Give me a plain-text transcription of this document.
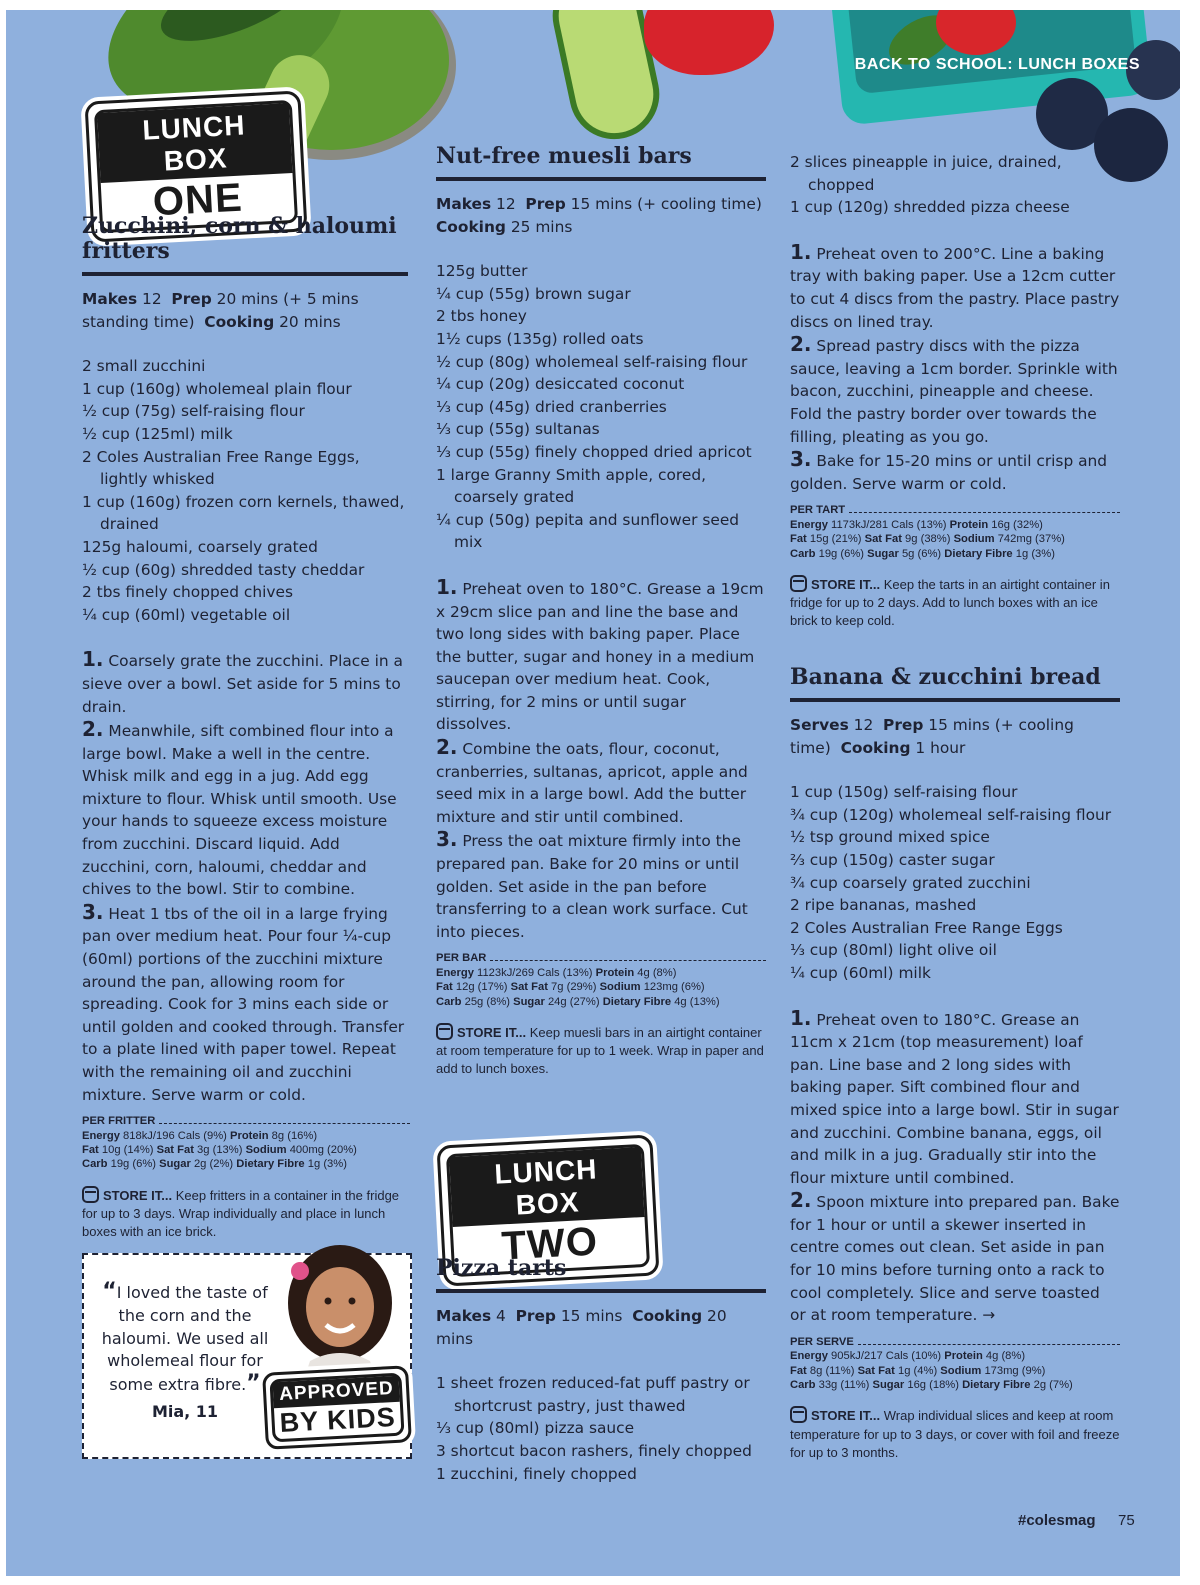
BACK TO SCHOOL: LUNCH BOXES
LUNCH BOX
ONE
Zucchini, corn & haloumi fritters
Makes 12 Prep 20 mins (+ 5 mins standing time) Cooking 20 mins
2 small zucchini
1 cup (160g) wholemeal plain flour
½ cup (75g) self-raising flour
½ cup (125ml) milk
2 Coles Australian Free Range Eggs, lightly whisked
1 cup (160g) frozen corn kernels, thawed, drained
125g haloumi, coarsely grated
½ cup (60g) shredded tasty cheddar
2 tbs finely chopped chives
¼ cup (60ml) vegetable oil

1. Coarsely grate the zucchini. Place in a sieve over a bowl. Set aside for 5 mins to drain.

2. Meanwhile, sift combined flour into a large bowl. Make a well in the centre. Whisk milk and egg in a jug. Add egg mixture to flour. Whisk until smooth. Use your hands to squeeze excess moisture from zucchini. Discard liquid. Add zucchini, corn, haloumi, cheddar and chives to the bowl. Stir to combine.

3. Heat 1 tbs of the oil in a large frying pan over medium heat. Pour four ¼-cup (60ml) portions of the zucchini mixture around the pan, allowing room for spreading. Cook for 3 mins each side or until golden and cooked through. Transfer to a plate lined with paper towel. Repeat with the remaining oil and zucchini mixture. Serve warm or cold.

PER FRITTER
Energy 818kJ/196 Cals (9%) Protein 8g (16%)
Fat 10g (14%) Sat Fat 3g (13%) Sodium 400mg (20%)
Carb 19g (6%) Sugar 2g (2%) Dietary Fibre 1g (3%)
STORE IT... Keep fritters in a container in the fridge for up to 3 days. Wrap individually and place in lunch boxes with an ice brick.
“I loved the taste of the corn and the haloumi. We used all wholemeal flour for some extra fibre.”
Mia, 11
APPROVED
BY KIDS
Nut-free muesli bars
Makes 12 Prep 15 mins (+ cooling time) Cooking 25 mins
125g butter
¼ cup (55g) brown sugar
2 tbs honey
1½ cups (135g) rolled oats
½ cup (80g) wholemeal self-raising flour
¼ cup (20g) desiccated coconut
⅓ cup (45g) dried cranberries
⅓ cup (55g) sultanas
⅓ cup (55g) finely chopped dried apricot
1 large Granny Smith apple, cored, coarsely grated
¼ cup (50g) pepita and sunflower seed mix

1. Preheat oven to 180°C. Grease a 19cm x 29cm slice pan and line the base and two long sides with baking paper. Place the butter, sugar and honey in a medium saucepan over medium heat. Cook, stirring, for 2 mins or until sugar dissolves.

2. Combine the oats, flour, coconut, cranberries, sultanas, apricot, apple and seed mix in a large bowl. Add the butter mixture and stir until combined.

3. Press the oat mixture firmly into the prepared pan. Bake for 20 mins or until golden. Set aside in the pan before transferring to a clean work surface. Cut into pieces.

PER BAR
Energy 1123kJ/269 Cals (13%) Protein 4g (8%)
Fat 12g (17%) Sat Fat 7g (29%) Sodium 123mg (6%)
Carb 25g (8%) Sugar 24g (27%) Dietary Fibre 4g (13%)
STORE IT... Keep muesli bars in an airtight container at room temperature for up to 1 week. Wrap in paper and add to lunch boxes.
LUNCH BOX
TWO
Pizza tarts
Makes 4 Prep 15 mins Cooking 20 mins
1 sheet frozen reduced-fat puff pastry or shortcrust pastry, just thawed
⅓ cup (80ml) pizza sauce
3 shortcut bacon rashers, finely chopped
1 zucchini, finely chopped
2 slices pineapple in juice, drained, chopped
1 cup (120g) shredded pizza cheese

1. Preheat oven to 200°C. Line a baking tray with baking paper. Use a 12cm cutter to cut 4 discs from the pastry. Place pastry discs on lined tray.

2. Spread pastry discs with the pizza sauce, leaving a 1cm border. Sprinkle with bacon, zucchini, pineapple and cheese. Fold the pastry border over towards the filling, pleating as you go.

3. Bake for 15-20 mins or until crisp and golden. Serve warm or cold.

PER TART
Energy 1173kJ/281 Cals (13%) Protein 16g (32%)
Fat 15g (21%) Sat Fat 9g (38%) Sodium 742mg (37%)
Carb 19g (6%) Sugar 5g (6%) Dietary Fibre 1g (3%)
STORE IT... Keep the tarts in an airtight container in fridge for up to 2 days. Add to lunch boxes with an ice brick to keep cold.
Banana & zucchini bread
Serves 12 Prep 15 mins (+ cooling time) Cooking 1 hour
1 cup (150g) self-raising flour
¾ cup (120g) wholemeal self-raising flour
½ tsp ground mixed spice
⅔ cup (150g) caster sugar
¾ cup coarsely grated zucchini
2 ripe bananas, mashed
2 Coles Australian Free Range Eggs
⅓ cup (80ml) light olive oil
¼ cup (60ml) milk

1. Preheat oven to 180°C. Grease an 11cm x 21cm (top measurement) loaf pan. Line base and 2 long sides with baking paper. Sift combined flour and mixed spice into a large bowl. Stir in sugar and zucchini. Combine banana, eggs, oil and milk in a jug. Gradually stir into the flour mixture until combined.

2. Spoon mixture into prepared pan. Bake for 1 hour or until a skewer inserted in centre comes out clean. Set aside in pan for 10 mins before turning onto a rack to cool completely. Slice and serve toasted or at room temperature. →

PER SERVE
Energy 905kJ/217 Cals (10%) Protein 4g (8%)
Fat 8g (11%) Sat Fat 1g (4%) Sodium 173mg (9%)
Carb 33g (11%) Sugar 16g (18%) Dietary Fibre 2g (7%)
STORE IT... Wrap individual slices and keep at room temperature for up to 3 days, or cover with foil and freeze for up to 3 months.
#colesmag 75
